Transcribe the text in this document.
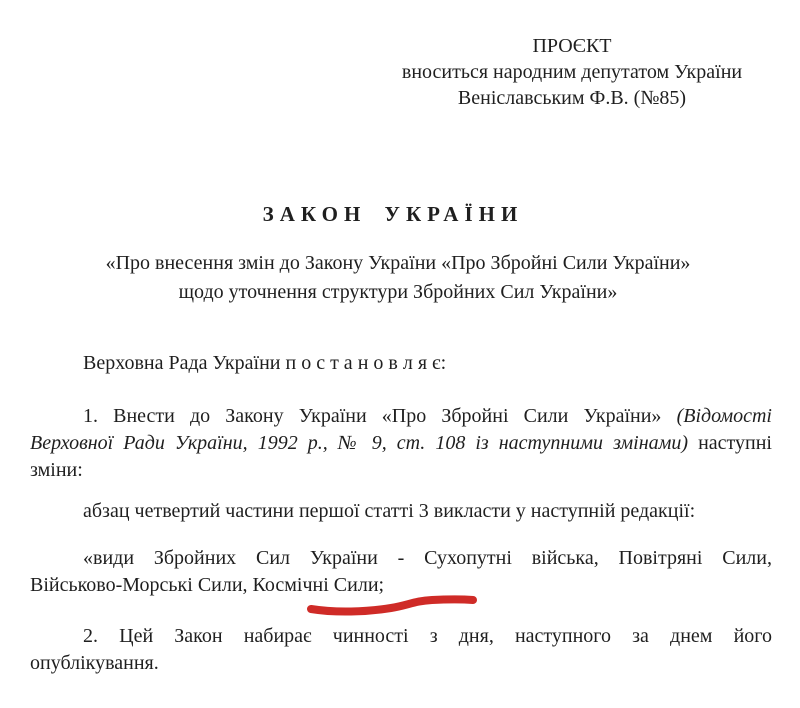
ПРОЄКТ
вноситься народним депутатом України
Веніславським Ф.В. (№85)
ЗАКОН УКРАЇНИ
«Про внесення змін до Закону України «Про Збройні Сили України»
щодо уточнення структури Збройних Сил України»
Верховна Рада України п о с т а н о в л я є:
1. Внести до Закону України «Про Збройні Сили України» (Відомості
Верховної Ради України, 1992 р., № 9, ст. 108 із наступними змінами) наступні
зміни:
абзац четвертий частини першої статті 3 викласти у наступній редакції:
«види Збройних Сил України - Сухопутні війська, Повітряні Сили,
Військово-Морські Сили, Космічні Сили;
2. Цей Закон набирає чинності з дня, наступного за днем його
опублікування.
